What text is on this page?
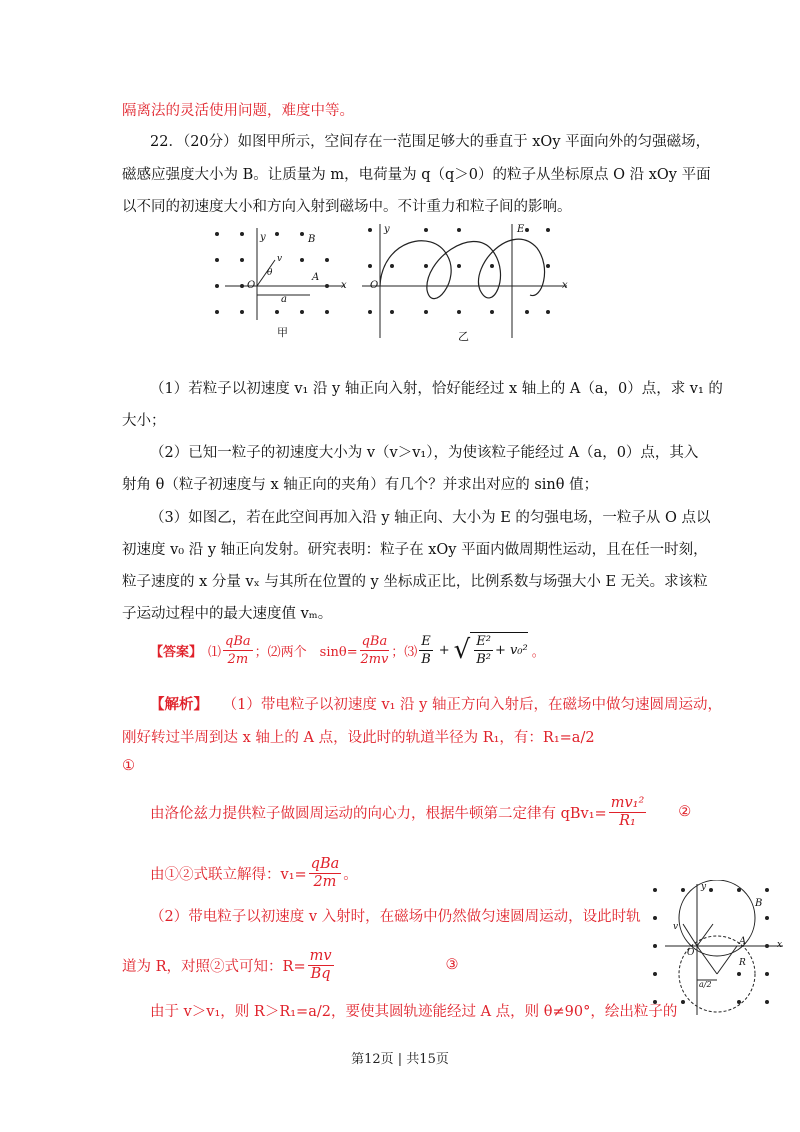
隔离法的灵活使用问题，难度中等。
22．（20分）如图甲所示，空间存在一范围足够大的垂直于 xOy 平面向外的匀强磁场，
磁感应强度大小为 B。让质量为 m，电荷量为 q（q＞0）的粒子从坐标原点 O 沿 xOy 平面
以不同的初速度大小和方向入射到磁场中。不计重力和粒子间的影响。
y	B
v
θ
O
A
a
x
甲
y	E
O	x
乙
（1）若粒子以初速度 v₁ 沿 y 轴正向入射，恰好能经过 x 轴上的 A（a，0）点，求 v₁ 的
大小；
（2）已知一粒子的初速度大小为 v（v＞v₁），为使该粒子能经过 A（a，0）点，其入
射角 θ（粒子初速度与 x 轴正向的夹角）有几个？并求出对应的 sinθ 值；
（3）如图乙，若在此空间再加入沿 y 轴正向、大小为 E 的匀强电场，一粒子从 O 点以
初速度 v₀ 沿 y 轴正向发射。研究表明：粒子在 xOy 平面内做周期性运动，且在任一时刻，
粒子速度的 x 分量 vₓ 与其所在位置的 y 坐标成正比，比例系数与场强大小 E 无关。求该粒
子运动过程中的最大速度值 vₘ。
【答案】 ⑴ $\frac{\text{qBa}}{2m}$ ；⑵两个　$\sin\theta= \frac{\text{qBa}}{2mv}$ ；⑶ $\frac{E}{B}$ + √ $\frac{\text{E²}}{\text{B²}} + v_0^2$ 。
【解析】 （1）带电粒子以初速度 v₁ 沿 y 轴正方向入射后，在磁场中做匀速圆周运动，
刚好转过半周到达 x 轴上的 A 点，设此时的轨道半径为 R₁，有：R₁=a/2
①
由洛伦兹力提供粒子做圆周运动的向心力，根据牛顿第二定律有 $qBv_1= \frac{\text{mv₁²}}{\text{R₁}}$ ②
由①②式联立解得：$v_1= \frac{\text{qBa}}{2m}$ 。
（2）带电粒子以初速度 v 入射时，在磁场中仍然做匀速圆周运动，设此时轨
道为 R，对照②式可知：$R= \frac{mv}{Bq}$	③
由于 v＞v₁，则 R＞R₁=a/2，要使其圆轨迹能经过 A 点，则 θ≠90°，绘出粒子的
y
B
v
O
A
R
a/2
x
第12页 | 共15页
